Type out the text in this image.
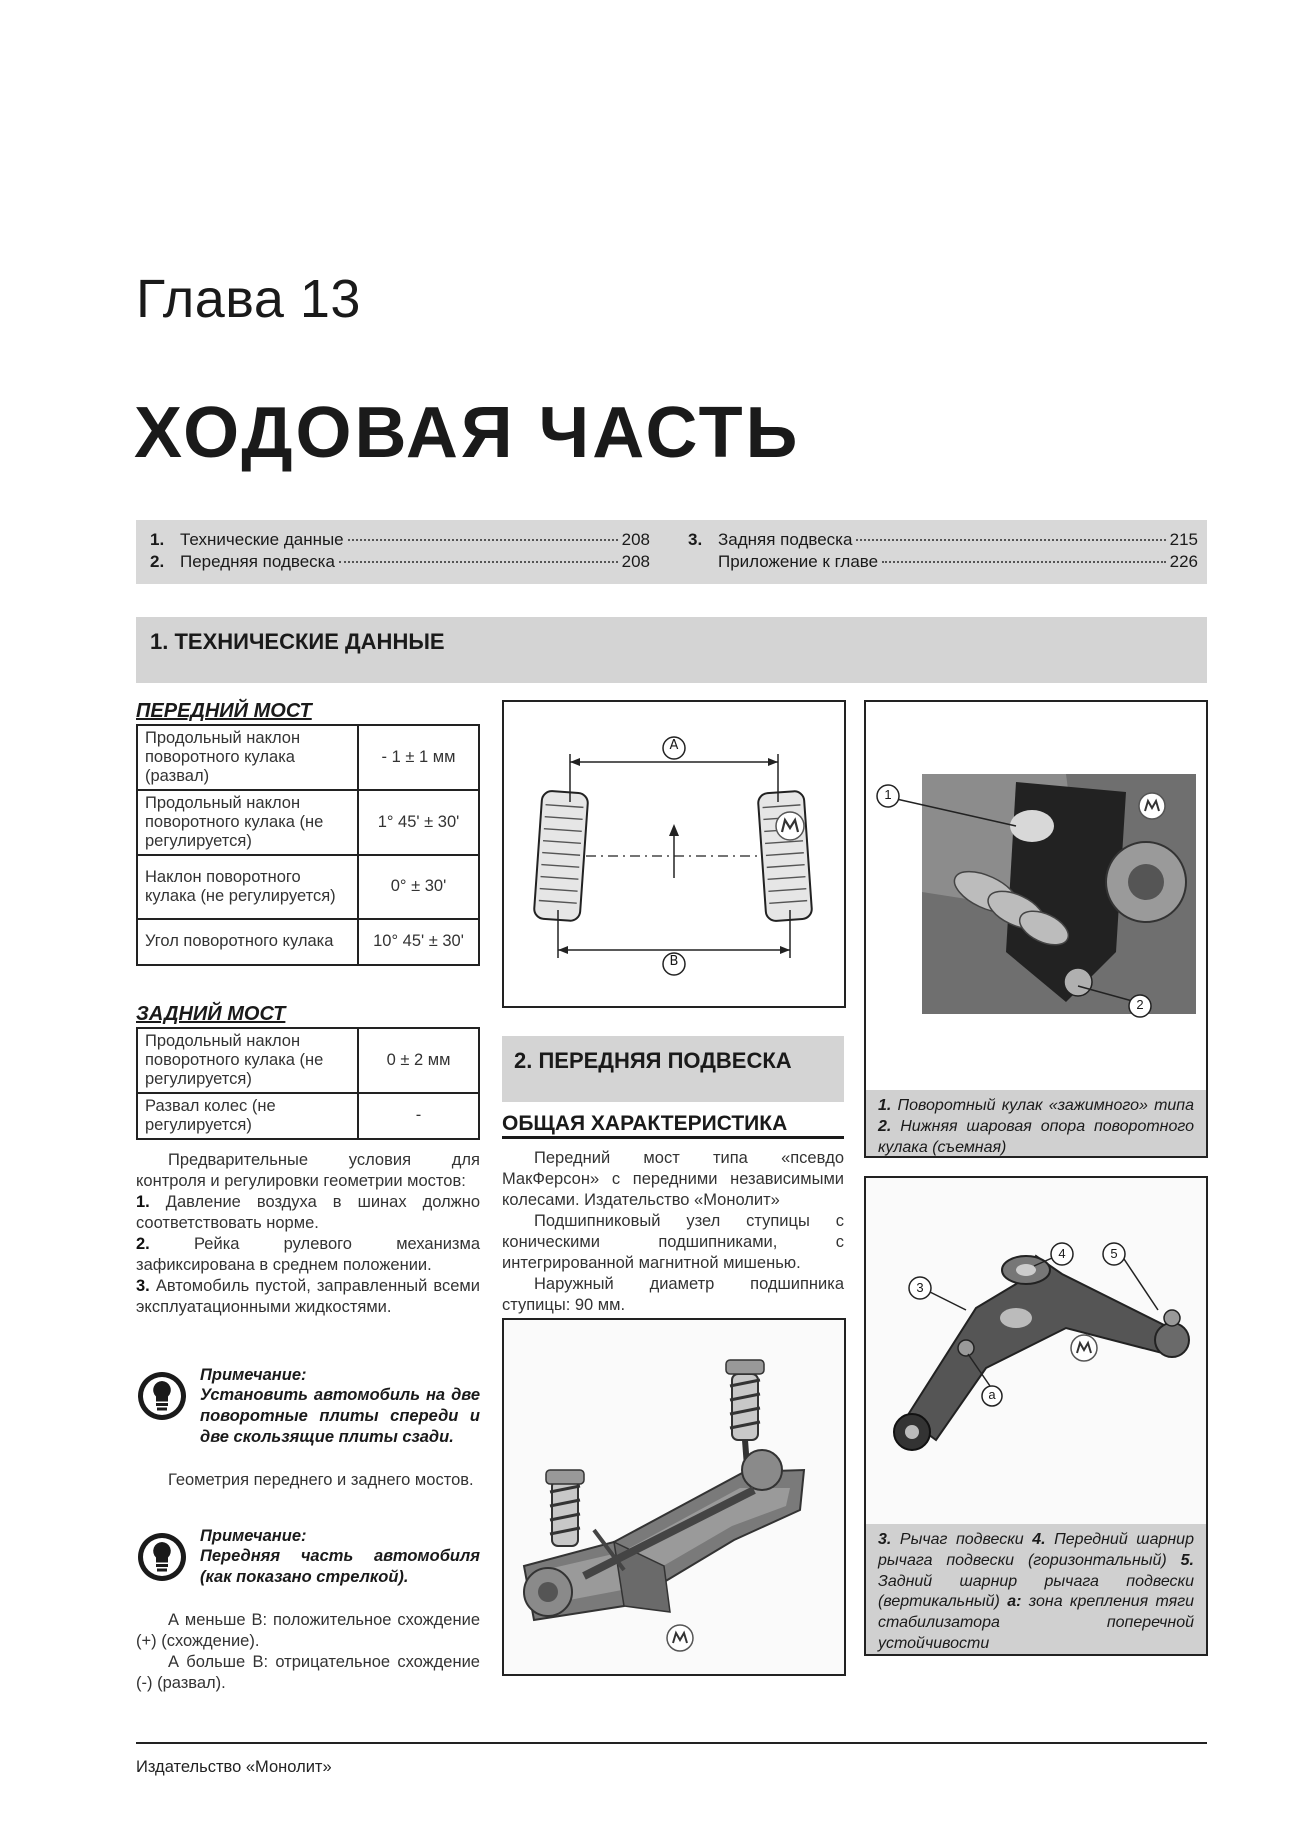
Глава 13
ХОДОВАЯ ЧАСТЬ
1. Технические данные	208
2. Передняя подвеска	208
3. Задняя подвеска	215
Приложение к главе	226
1. ТЕХНИЧЕСКИЕ ДАННЫЕ
ПЕРЕДНИЙ МОСТ
Продольный наклон поворотного кулака (развал)	- 1 ± 1 мм
Продольный наклон поворотного кулака (не регулируется)	1° 45' ± 30'
Наклон поворотного кулака (не регулируется)	0° ± 30'
Угол поворотного кулака	10° 45' ± 30'
ЗАДНИЙ МОСТ
Продольный наклон поворотного кулака (не регулируется)	0 ± 2 мм
Развал колес (не регулируется)	-

Предварительные условия для контроля и регулировки геометрии мостов:

1. Давление воздуха в шинах должно соответствовать норме.

2.	Рейка рулевого механизма зафиксирована в среднем положении.

3. Автомобиль пустой, заправленный всеми эксплуатационными жидкостями.

Примечание:
Установить автомобиль на две поворотные плиты спереди и две скользящие плиты сзади.

Геометрия переднего и заднего мостов.

Примечание:
Передняя часть автомобиля (как показано стрелкой).

А меньше В: положительное схождение (+) (схождение).

А больше В: отрицательное схождение (-) (развал).

A
B
2. ПЕРЕДНЯЯ ПОДВЕСКА
ОБЩАЯ ХАРАКТЕРИСТИКА

Передний мост типа «псевдо МакФерсон» с передними независимыми колесами. Издательство «Монолит»

Подшипниковый узел ступицы с коническими подшипниками, с интегрированной магнитной мишенью.

Наружный диаметр подшипника ступицы: 90 мм.

1
2
1. Поворотный кулак «зажимного» типа 2. Нижняя шаровая опора поворотного кулака (съемная)
3
4	5
a
3. Рычаг подвески 4. Передний шарнир рычага подвески (горизонтальный) 5. Задний шарнир рычага подвески (вертикальный) a: зона крепления тяги стабилизатора поперечной устойчивости
Издательство «Монолит»
